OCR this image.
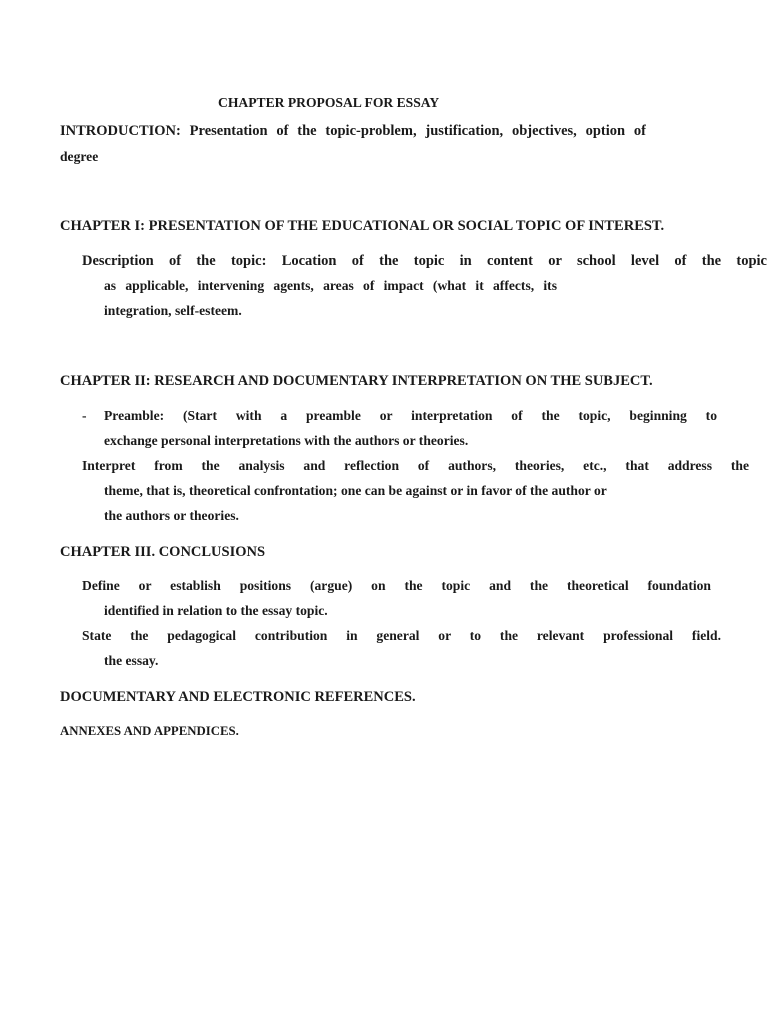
CHAPTER PROPOSAL FOR ESSAY
INTRODUCTION: Presentation of the topic-problem, justification, objectives, option of
degree
CHAPTER I: PRESENTATION OF THE EDUCATIONAL OR SOCIAL TOPIC OF INTEREST.
Description of the topic: Location of the topic in content or school level of the topic
as applicable, intervening agents, areas of impact (what it affects, its
integration, self-esteem.
CHAPTER II: RESEARCH AND DOCUMENTARY INTERPRETATION ON THE SUBJECT.
- Preamble: (Start with a preamble or interpretation of the topic, beginning to
exchange personal interpretations with the authors or theories.
Interpret from the analysis and reflection of authors, theories, etc., that address the
theme, that is, theoretical confrontation; one can be against or in favor of the author or
the authors or theories.
CHAPTER III. CONCLUSIONS
Define or establish positions (argue) on the topic and the theoretical foundation
identified in relation to the essay topic.
State the pedagogical contribution in general or to the relevant professional field.
the essay.
DOCUMENTARY AND ELECTRONIC REFERENCES.
ANNEXES AND APPENDICES.
